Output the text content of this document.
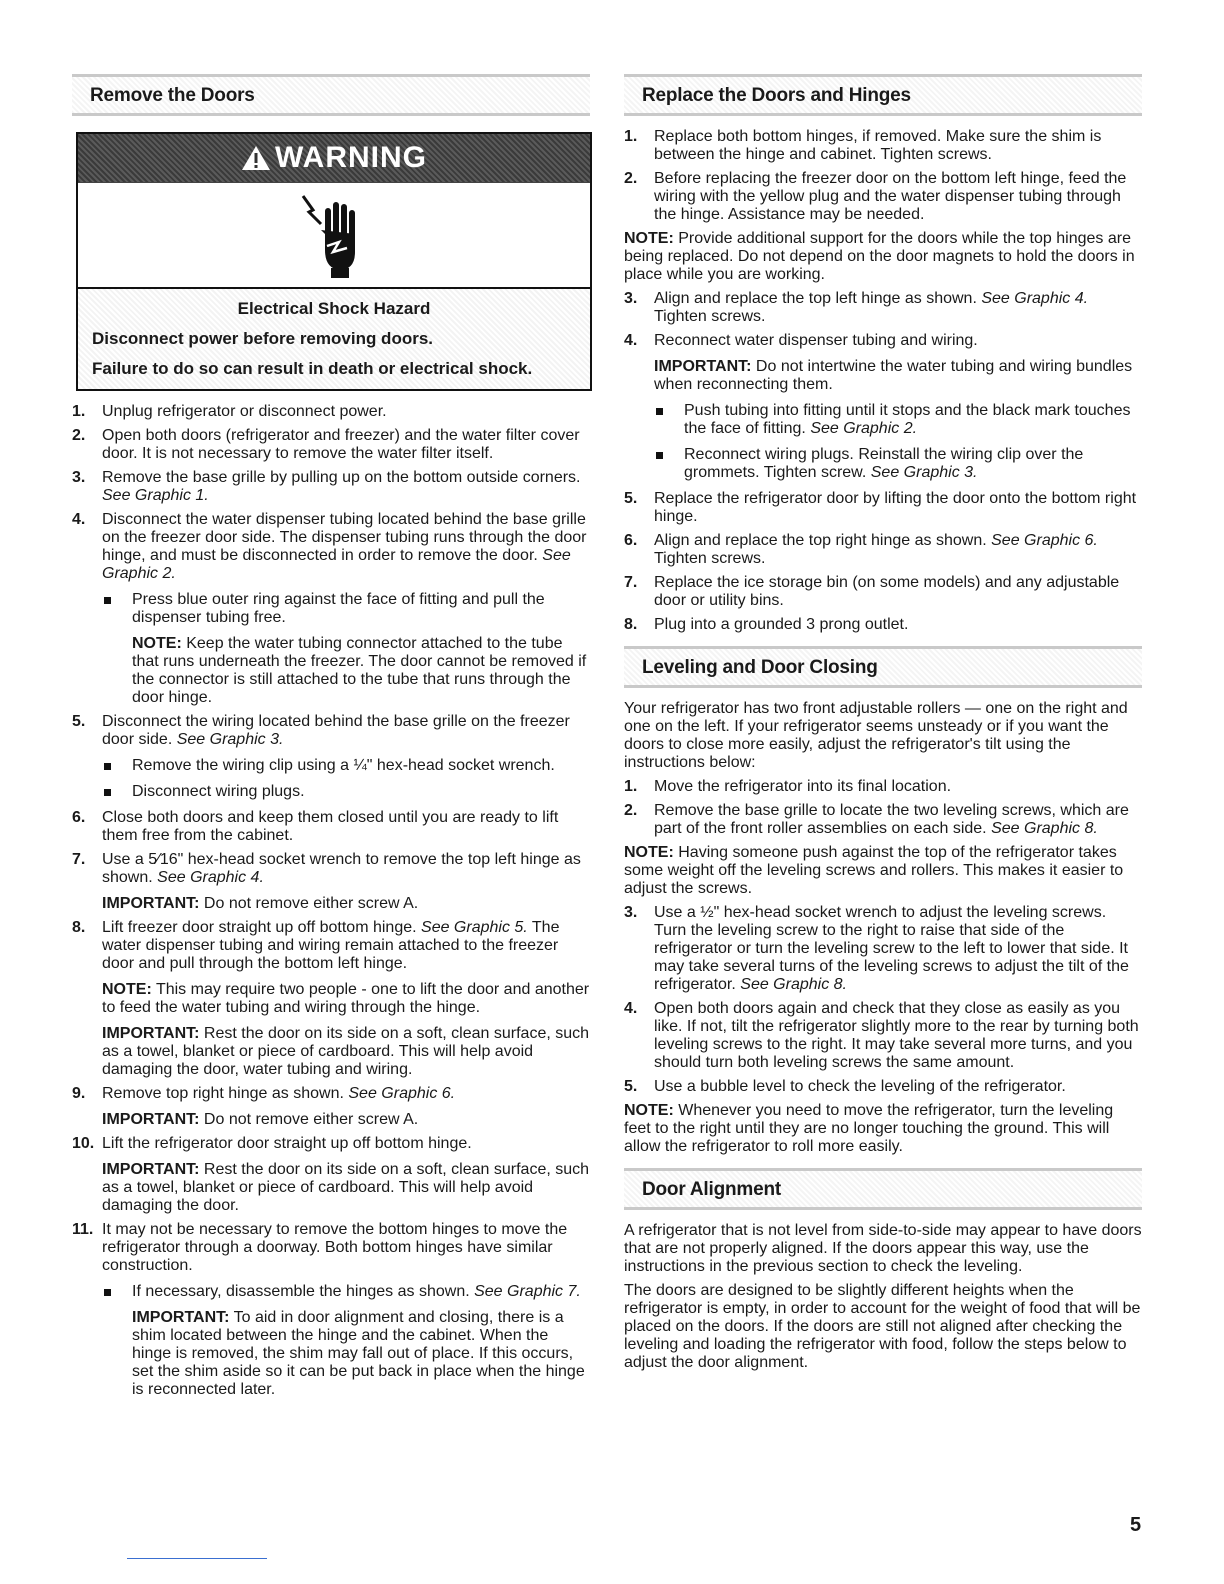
Remove the Doors
WARNING

Electrical Shock Hazard

Disconnect power before removing doors.

Failure to do so can result in death or electrical shock.

1. Unplug refrigerator or disconnect power.
2. Open both doors (refrigerator and freezer) and the water filter cover door. It is not necessary to remove the water filter itself.
3. Remove the base grille by pulling up on the bottom outside corners. See Graphic 1.
4. Disconnect the water dispenser tubing located behind the base grille on the freezer door side. The dispenser tubing runs through the door hinge, and must be disconnected in order to remove the door. See Graphic 2.
Press blue outer ring against the face of fitting and pull the dispenser tubing free.
NOTE: Keep the water tubing connector attached to the tube that runs underneath the freezer. The door cannot be removed if the connector is still attached to the tube that runs through the door hinge.
5. Disconnect the wiring located behind the base grille on the freezer door side. See Graphic 3.
Remove the wiring clip using a ¼" hex-head socket wrench.
Disconnect wiring plugs.
6. Close both doors and keep them closed until you are ready to lift them free from the cabinet.
7. Use a 5⁄16" hex-head socket wrench to remove the top left hinge as shown. See Graphic 4.
IMPORTANT: Do not remove either screw A.
8. Lift freezer door straight up off bottom hinge. See Graphic 5. The water dispenser tubing and wiring remain attached to the freezer door and pull through the bottom left hinge.
NOTE: This may require two people - one to lift the door and another to feed the water tubing and wiring through the hinge.
IMPORTANT: Rest the door on its side on a soft, clean surface, such as a towel, blanket or piece of cardboard. This will help avoid damaging the door, water tubing and wiring.
9. Remove top right hinge as shown. See Graphic 6.
IMPORTANT: Do not remove either screw A.
10. Lift the refrigerator door straight up off bottom hinge.
IMPORTANT: Rest the door on its side on a soft, clean surface, such as a towel, blanket or piece of cardboard. This will help avoid damaging the door.
11. It may not be necessary to remove the bottom hinges to move the refrigerator through a doorway. Both bottom hinges have similar construction.
If necessary, disassemble the hinges as shown. See Graphic 7.
IMPORTANT: To aid in door alignment and closing, there is a shim located between the hinge and the cabinet. When the hinge is removed, the shim may fall out of place. If this occurs, set the shim aside so it can be put back in place when the hinge is reconnected later.
Replace the Doors and Hinges
1. Replace both bottom hinges, if removed. Make sure the shim is between the hinge and cabinet. Tighten screws.
2. Before replacing the freezer door on the bottom left hinge, feed the wiring with the yellow plug and the water dispenser tubing through the hinge. Assistance may be needed.
NOTE: Provide additional support for the doors while the top hinges are being replaced. Do not depend on the door magnets to hold the doors in place while you are working.
3. Align and replace the top left hinge as shown. See Graphic 4. Tighten screws.
4. Reconnect water dispenser tubing and wiring.
IMPORTANT: Do not intertwine the water tubing and wiring bundles when reconnecting them.
Push tubing into fitting until it stops and the black mark touches the face of fitting. See Graphic 2.
Reconnect wiring plugs. Reinstall the wiring clip over the grommets. Tighten screw. See Graphic 3.
5. Replace the refrigerator door by lifting the door onto the bottom right hinge.
6. Align and replace the top right hinge as shown. See Graphic 6. Tighten screws.
7. Replace the ice storage bin (on some models) and any adjustable door or utility bins.
8. Plug into a grounded 3 prong outlet.
Leveling and Door Closing

Your refrigerator has two front adjustable rollers — one on the right and one on the left. If your refrigerator seems unsteady or if you want the doors to close more easily, adjust the refrigerator's tilt using the instructions below:

1. Move the refrigerator into its final location.
2. Remove the base grille to locate the two leveling screws, which are part of the front roller assemblies on each side. See Graphic 8.
NOTE: Having someone push against the top of the refrigerator takes some weight off the leveling screws and rollers. This makes it easier to adjust the screws.
3. Use a ½" hex-head socket wrench to adjust the leveling screws. Turn the leveling screw to the right to raise that side of the refrigerator or turn the leveling screw to the left to lower that side. It may take several turns of the leveling screws to adjust the tilt of the refrigerator. See Graphic 8.
4. Open both doors again and check that they close as easily as you like. If not, tilt the refrigerator slightly more to the rear by turning both leveling screws to the right. It may take several more turns, and you should turn both leveling screws the same amount.
5. Use a bubble level to check the leveling of the refrigerator.
NOTE: Whenever you need to move the refrigerator, turn the leveling feet to the right until they are no longer touching the ground. This will allow the refrigerator to roll more easily.
Door Alignment

A refrigerator that is not level from side-to-side may appear to have doors that are not properly aligned. If the doors appear this way, use the instructions in the previous section to check the leveling.

The doors are designed to be slightly different heights when the refrigerator is empty, in order to account for the weight of food that will be placed on the doors. If the doors are still not aligned after checking the leveling and loading the refrigerator with food, follow the steps below to adjust the door alignment.

5
